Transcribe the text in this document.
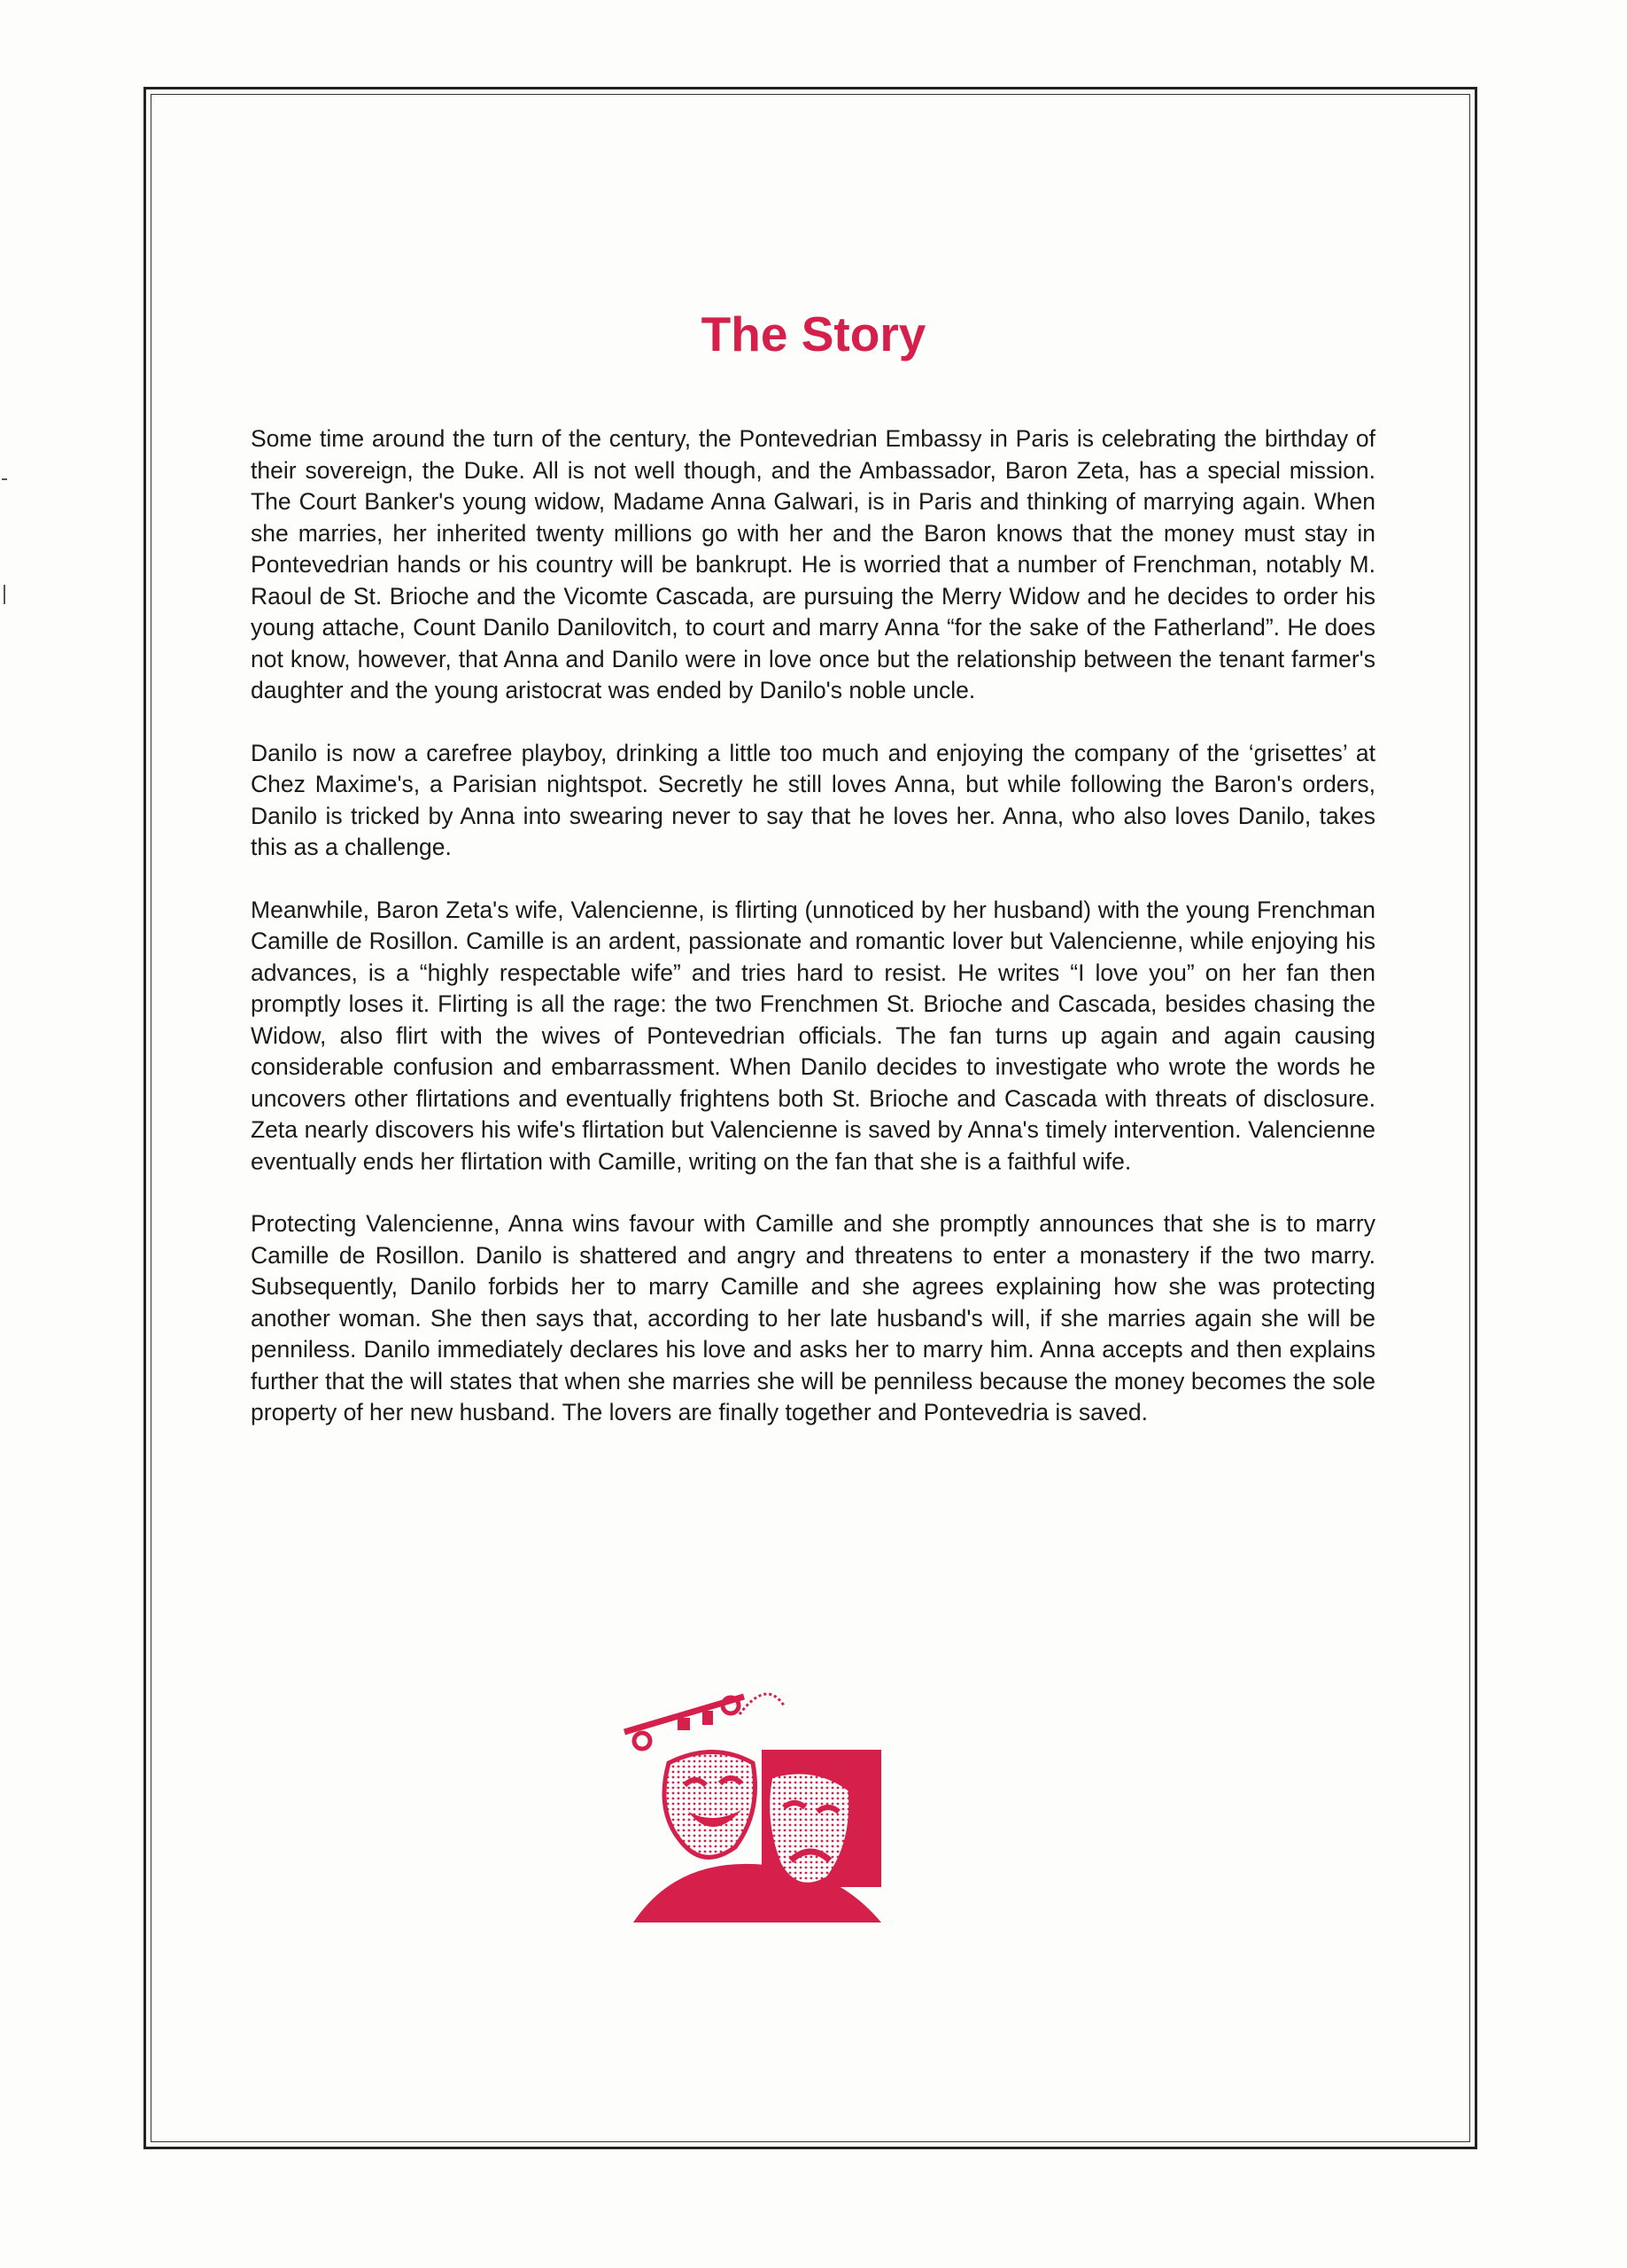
The Story

Some time around the turn of the century, the Pontevedrian Embassy in Paris is celebrating the birthday of their sovereign, the Duke. All is not well though, and the Ambassador, Baron Zeta, has a special mission. The Court Banker's young widow, Madame Anna Galwari, is in Paris and thinking of marrying again. When she marries, her inherited twenty millions go with her and the Baron knows that the money must stay in Pontevedrian hands or his country will be bankrupt. He is worried that a number of Frenchman, notably M. Raoul de St. Brioche and the Vicomte Cascada, are pursuing the Merry Widow and he decides to order his young attache, Count Danilo Danilovitch, to court and marry Anna “for the sake of the Fatherland”. He does not know, however, that Anna and Danilo were in love once but the relationship between the tenant farmer's daughter and the young aristocrat was ended by Danilo's noble uncle.

Danilo is now a carefree playboy, drinking a little too much and enjoying the company of the ‘grisettes’ at Chez Maxime's, a Parisian nightspot. Secretly he still loves Anna, but while following the Baron's orders, Danilo is tricked by Anna into swearing never to say that he loves her. Anna, who also loves Danilo, takes this as a challenge.

Meanwhile, Baron Zeta's wife, Valencienne, is flirting (unnoticed by her husband) with the young Frenchman Camille de Rosillon. Camille is an ardent, passionate and romantic lover but Valencienne, while enjoying his advances, is a “highly respectable wife” and tries hard to resist. He writes “I love you” on her fan then promptly loses it. Flirting is all the rage: the two Frenchmen St. Brioche and Cascada, besides chasing the Widow, also flirt with the wives of Pontevedrian officials. The fan turns up again and again causing considerable confusion and embarrassment. When Danilo decides to investigate who wrote the words he uncovers other flirtations and eventually frightens both St. Brioche and Cascada with threats of disclosure. Zeta nearly discovers his wife's flirtation but Valencienne is saved by Anna's timely intervention. Valencienne eventually ends her flirtation with Camille, writing on the fan that she is a faithful wife.

Protecting Valencienne, Anna wins favour with Camille and she promptly announces that she is to marry Camille de Rosillon. Danilo is shattered and angry and threatens to enter a monastery if the two marry. Subsequently, Danilo forbids her to marry Camille and she agrees explaining how she was protecting another woman. She then says that, according to her late husband's will, if she marries again she will be penniless. Danilo immediately declares his love and asks her to marry him. Anna accepts and then explains further that the will states that when she marries she will be penniless because the money becomes the sole property of her new husband. The lovers are finally together and Pontevedria is saved.
